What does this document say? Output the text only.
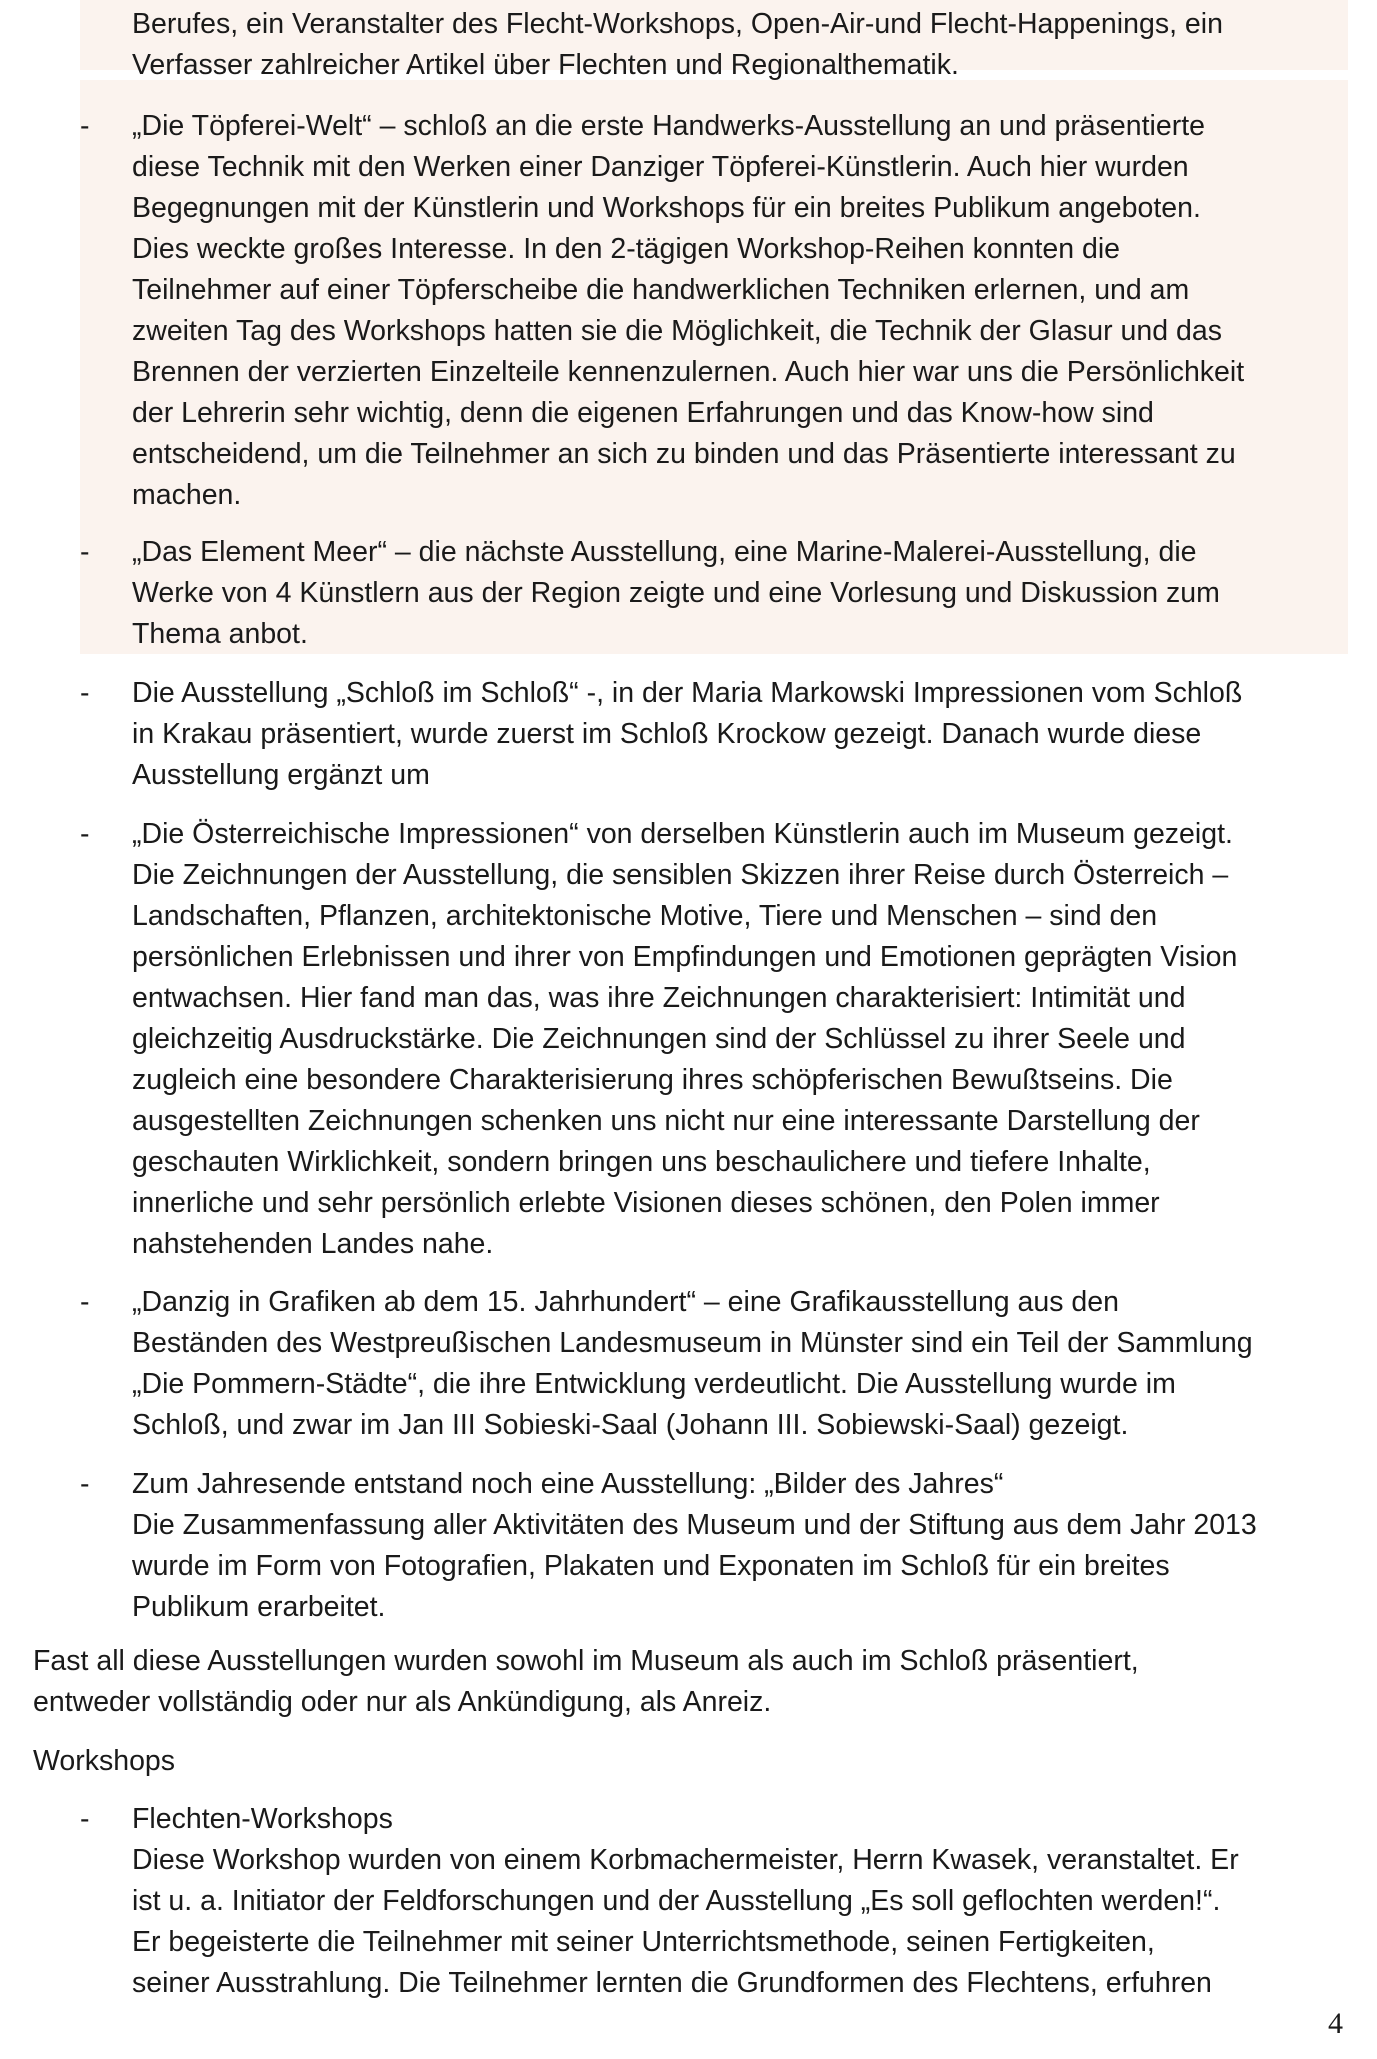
Berufes, ein Veranstalter des Flecht-Workshops, Open-Air-und Flecht-Happenings, ein
Verfasser zahlreicher Artikel über Flechten und Regionalthematik.
-	„Die Töpferei-Welt“ – schloß an die erste Handwerks-Ausstellung an und präsentierte
diese Technik mit den Werken einer Danziger Töpferei-Künstlerin. Auch hier wurden
Begegnungen mit der Künstlerin und Workshops für ein breites Publikum angeboten.
Dies weckte großes Interesse. In den 2-tägigen Workshop-Reihen konnten die
Teilnehmer auf einer Töpferscheibe die handwerklichen Techniken erlernen, und am
zweiten Tag des Workshops hatten sie die Möglichkeit, die Technik der Glasur und das
Brennen der verzierten Einzelteile kennenzulernen. Auch hier war uns die Persönlichkeit
der Lehrerin sehr wichtig, denn die eigenen Erfahrungen und das Know-how sind
entscheidend, um die Teilnehmer an sich zu binden und das Präsentierte interessant zu
machen.
-	„Das Element Meer“ – die nächste Ausstellung, eine Marine-Malerei-Ausstellung, die
Werke von 4 Künstlern aus der Region zeigte und eine Vorlesung und Diskussion zum
Thema anbot.
-	Die Ausstellung „Schloß im Schloß“ -, in der Maria Markowski Impressionen vom Schloß
in Krakau präsentiert, wurde zuerst im Schloß Krockow gezeigt. Danach wurde diese
Ausstellung ergänzt um
-	„Die Österreichische Impressionen“ von derselben Künstlerin auch im Museum gezeigt.
Die Zeichnungen der Ausstellung, die sensiblen Skizzen ihrer Reise durch Österreich –
Landschaften, Pflanzen, architektonische Motive, Tiere und Menschen – sind den
persönlichen Erlebnissen und ihrer von Empfindungen und Emotionen geprägten Vision
entwachsen. Hier fand man das, was ihre Zeichnungen charakterisiert: Intimität und
gleichzeitig Ausdruckstärke. Die Zeichnungen sind der Schlüssel zu ihrer Seele und
zugleich eine besondere Charakterisierung ihres schöpferischen Bewußtseins. Die
ausgestellten Zeichnungen schenken uns nicht nur eine interessante Darstellung der
geschauten Wirklichkeit, sondern bringen uns beschaulichere und tiefere Inhalte,
innerliche und sehr persönlich erlebte Visionen dieses schönen, den Polen immer
nahstehenden Landes nahe.
-	„Danzig in Grafiken ab dem 15. Jahrhundert“ – eine Grafikausstellung aus den
Beständen des Westpreußischen Landesmuseum in Münster sind ein Teil der Sammlung
„Die Pommern-Städte“, die ihre Entwicklung verdeutlicht. Die Ausstellung wurde im
Schloß, und zwar im Jan III Sobieski-Saal (Johann III. Sobiewski-Saal) gezeigt.
-	Zum Jahresende entstand noch eine Ausstellung: „Bilder des Jahres“
Die Zusammenfassung aller Aktivitäten des Museum und der Stiftung aus dem Jahr 2013
wurde im Form von Fotografien, Plakaten und Exponaten im Schloß für ein breites
Publikum erarbeitet.
Fast all diese Ausstellungen wurden sowohl im Museum als auch im Schloß präsentiert,
entweder vollständig oder nur als Ankündigung, als Anreiz.
Workshops
-	Flechten-Workshops
Diese Workshop wurden von einem Korbmachermeister, Herrn Kwasek, veranstaltet. Er
ist u. a. Initiator der Feldforschungen und der Ausstellung „Es soll geflochten werden!“.
Er begeisterte die Teilnehmer mit seiner Unterrichtsmethode, seinen Fertigkeiten,
seiner Ausstrahlung. Die Teilnehmer lernten die Grundformen des Flechtens, erfuhren
4
